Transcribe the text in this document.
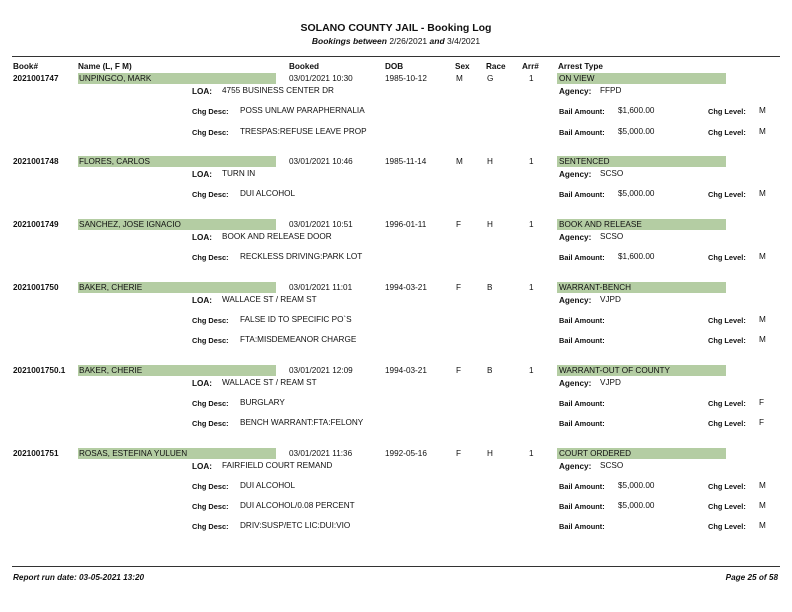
SOLANO COUNTY JAIL - Booking Log
Bookings between 2/26/2021 and 3/4/2021
Book#	Name (L, F M)	Booked	DOB	Sex Race Arr# Arrest Type
2021001747 UNPINGCO, MARK	03/01/2021 10:30	1985-10-12	M	G	1	ON VIEW
LOA: 4755 BUSINESS CENTER DR	Agency: FFPD
Chg Desc: POSS UNLAW PARAPHERNALIA	Bail Amount: $1,600.00	Chg Level: M
Chg Desc: TRESPAS:REFUSE LEAVE PROP	Bail Amount: $5,000.00	Chg Level: M
2021001748 FLORES, CARLOS	03/01/2021 10:46	1985-11-14	M	H	1	SENTENCED
LOA: TURN IN	Agency: SCSO
Chg Desc: DUI ALCOHOL	Bail Amount: $5,000.00	Chg Level: M
2021001749 SANCHEZ, JOSE IGNACIO	03/01/2021 10:51	1996-01-11	F	H	1	BOOK AND RELEASE
LOA: BOOK AND RELEASE DOOR	Agency: SCSO
Chg Desc: RECKLESS DRIVING:PARK LOT	Bail Amount: $1,600.00	Chg Level: M
2021001750 BAKER, CHERIE	03/01/2021 11:01	1994-03-21	F	B	1	WARRANT-BENCH
LOA: WALLACE ST / REAM ST	Agency: VJPD
Chg Desc: FALSE ID TO SPECIFIC PO`S	Bail Amount:	Chg Level: M
Chg Desc: FTA:MISDEMEANOR CHARGE	Bail Amount:	Chg Level: M
2021001750.1 BAKER, CHERIE	03/01/2021 12:09	1994-03-21	F	B	1	WARRANT-OUT OF COUNTY
LOA: WALLACE ST / REAM ST	Agency: VJPD
Chg Desc: BURGLARY	Bail Amount:	Chg Level: F
Chg Desc: BENCH WARRANT:FTA:FELONY	Bail Amount:	Chg Level: F
2021001751 ROSAS, ESTEFINA YULUEN	03/01/2021 11:36	1992-05-16	F	H	1	COURT ORDERED
LOA: FAIRFIELD COURT REMAND	Agency: SCSO
Chg Desc: DUI ALCOHOL	Bail Amount: $5,000.00	Chg Level: M
Chg Desc: DUI ALCOHOL/0.08 PERCENT	Bail Amount: $5,000.00	Chg Level: M
Chg Desc: DRIV:SUSP/ETC LIC:DUI:VIO	Bail Amount:	Chg Level: M
Report run date: 03-05-2021 13:20	Page 25 of 58
